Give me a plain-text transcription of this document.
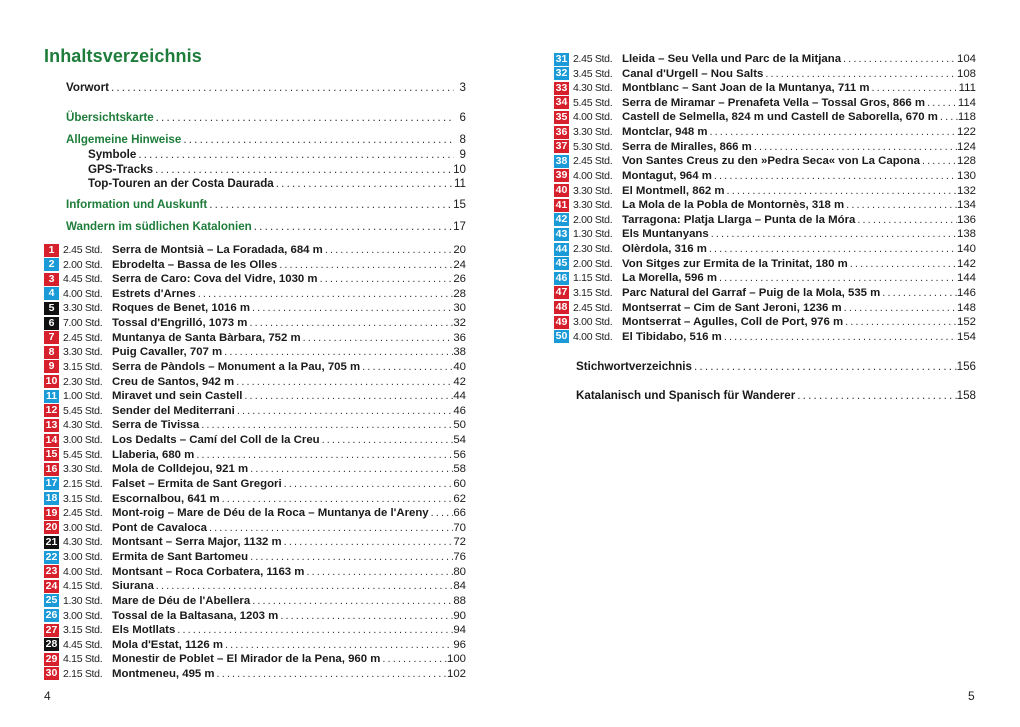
Inhaltsverzeichnis
Vorwort .....	3
Übersichtskarte .....	6
Allgemeine Hinweise .....	8
Symbole .....	9
GPS-Tracks .....	10
Top-Touren an der Costa Daurada .....	11
Information und Auskunft .....	15
Wandern im südlichen Katalonien .....	17
1 2.45 Std. Serra de Montsià – La Foradada, 684 m .....	20
2 2.00 Std. Ebrodelta – Bassa de les Olles .....	24
3 4.45 Std. Serra de Caro: Cova del Vidre, 1030 m .....	26
4 4.00 Std. Estrets d'Arnes .....	28
5 3.30 Std. Roques de Benet, 1016 m .....	30
6 7.00 Std. Tossal d'Engrilló, 1073 m .....	32
7 2.45 Std. Muntanya de Santa Bàrbara, 752 m .....	36
8 3.30 Std. Puig Cavaller, 707 m .....	38
9 3.15 Std. Serra de Pàndols – Monument a la Pau, 705 m .....	40
10 2.30 Std. Creu de Santos, 942 m .....	42
11 1.00 Std. Miravet und sein Castell .....	44
12 5.45 Std. Sender del Mediterrani .....	46
13 4.30 Std. Serra de Tivissa .....	50
14 3.00 Std. Los Dedalts – Camí del Coll de la Creu .....	54
15 5.45 Std. Llaberia, 680 m .....	56
16 3.30 Std. Mola de Colldejou, 921 m .....	58
17 2.15 Std. Falset – Ermita de Sant Gregori .....	60
18 3.15 Std. Escornalbou, 641 m .....	62
19 2.45 Std. Mont-roig – Mare de Déu de la Roca – Muntanya de l'Areny ..... 66
20 3.00 Std. Pont de Cavaloca .....	70
21 4.30 Std. Montsant – Serra Major, 1132 m .....	72
22 3.00 Std. Ermita de Sant Bartomeu .....	76
23 4.00 Std. Montsant – Roca Corbatera, 1163 m .....	80
24 4.15 Std. Siurana .....	84
25 1.30 Std. Mare de Déu de l'Abellera .....	88
26 3.00 Std. Tossal de la Baltasana, 1203 m .....	90
27 3.15 Std. Els Motllats .....	94
28 4.45 Std. Mola d'Estat, 1126 m .....	96
29 4.15 Std. Monestir de Poblet – El Mirador de la Pena, 960 m .....	100
30 2.15 Std. Montmeneu, 495 m .....	102
4
31 2.45 Std. Lleida – Seu Vella und Parc de la Mitjana .....	104
32 3.45 Std. Canal d'Urgell – Nou Salts .....	108
33 4.30 Std. Montblanc – Sant Joan de la Muntanya, 711 m .....	111
34 5.45 Std. Serra de Miramar – Prenafeta Vella – Tossal Gros, 866 m .....	114
35 4.00 Std. Castell de Selmella, 824 m und Castell de Saborella, 670 m ..... 118
36 3.30 Std. Montclar, 948 m .....	122
37 5.30 Std. Serra de Miralles, 866 m .....	124
38 2.45 Std. Von Santes Creus zu den »Pedra Seca« von La Capona .....	128
39 4.00 Std. Montagut, 964 m .....	130
40 3.30 Std. El Montmell, 862 m .....	132
41 3.30 Std. La Mola de la Pobla de Montornès, 318 m .....	134
42 2.00 Std. Tarragona: Platja Llarga – Punta de la Móra .....	136
43 1.30 Std. Els Muntanyans .....	138
44 2.30 Std. Olèrdola, 316 m .....	140
45 2.00 Std. Von Sitges zur Ermita de la Trinitat, 180 m .....	142
46 1.15 Std. La Morella, 596 m .....	144
47 3.15 Std. Parc Natural del Garraf – Puig de la Mola, 535 m .....	146
48 2.45 Std. Montserrat – Cim de Sant Jeroni, 1236 m .....	148
49 3.00 Std. Montserrat – Agulles, Coll de Port, 976 m .....	152
50 4.00 Std. El Tibidabo, 516 m .....	154
Stichwortverzeichnis .....	156
Katalanisch und Spanisch für Wanderer .....	158
5
